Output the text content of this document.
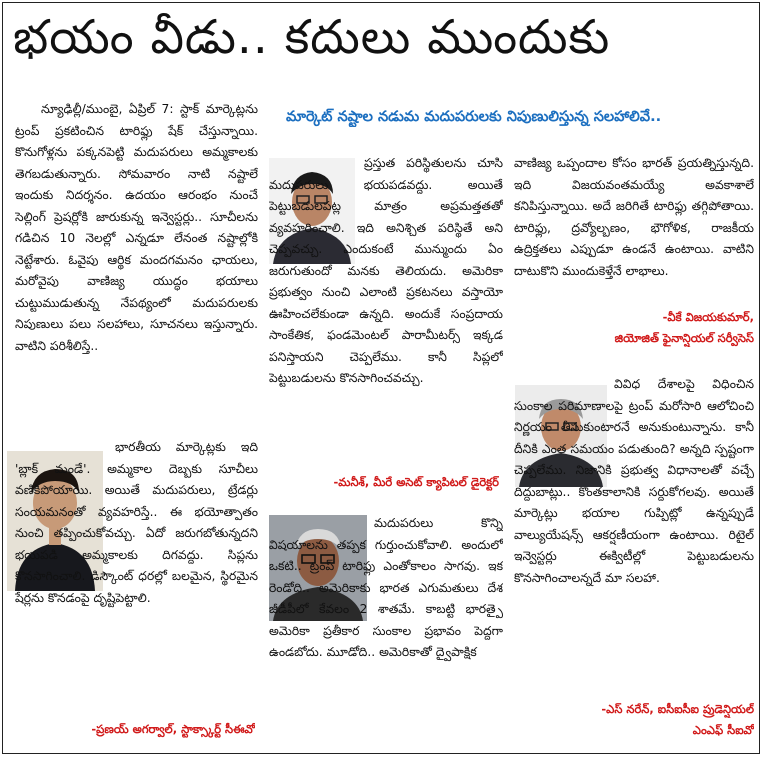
భయం వీడు.. కదులు ముందుకు
మార్కెట్ నష్టాల నడుమ మదుపరులకు నిపుణులిస్తున్న సలహాలివే..

న్యూఢిల్లీ/ముంబై, ఏప్రిల్ 7: స్టాక్ మార్కెట్లను ట్రంప్ ప్రకటించిన టారిఫ్లు షేక్ చేస్తున్నాయి. కొనుగోళ్లను పక్కనపెట్టి మదుపరులు అమ్మకాలకు తెగబడుతున్నారు. సోమవారం నాటి నష్టాలే ఇందుకు నిదర్శనం. ఉదయం ఆరంభం నుంచే సెల్లింగ్ ప్రెషర్లోకి జారుకున్న ఇన్వెస్టర్లు.. సూచీలను గడిచిన 10 నెలల్లో ఎన్నడూ లేనంత నష్టాల్లోకి నెట్టేశారు. ఓవైపు ఆర్థిక మందగమనం ఛాయలు, మరోవైపు వాణిజ్య యుద్ధం భయాలు చుట్టుముడుతున్న నేపథ్యంలో మదుపరులకు నిపుణులు పలు సలహాలు, సూచనలు ఇస్తున్నారు. వాటిని పరిశీలిస్తే..

భారతీయ మార్కెట్లకు ఇది 'బ్లాక్ మండే'. అమ్మకాల దెబ్బకు సూచీలు వణికిపోయాయి. అయితే మదుపరులు, ట్రేడర్లు సంయమనంతో వ్యవహరిస్తే.. ఈ భయోత్పాతం నుంచి తప్పించుకోవచ్చు. ఏదో జరుగబోతున్నదని భయపడి అమ్మకాలకు దిగవద్దు. సిప్లను కొనసాగించాలి. డిస్కౌంట్ ధరల్లో బలమైన, స్థిరమైన షేర్లను కొనడంపై దృష్టిపెట్టాలి.

-ప్రణయ్ అగర్వాల్, స్టాక్స్కార్ట్ సీఈవో

ప్రస్తుత పరిస్థితులను చూసి మదుపరులు భయపడవద్దు. అయితే పెట్టుబడులపట్ల మాత్రం అప్రమత్తతతో వ్యవహరించాలి. ఇది అనిశ్చిత పరిస్థితే అని చెప్పవచ్చు. ఎందుకంటే మున్ముందు ఏం జరుగుతుందో మనకు తెలియదు. అమెరికా ప్రభుత్వం నుంచి ఎలాంటి ప్రకటనలు వస్తాయో ఊహించలేకుండా ఉన్నది. అందుకే సంప్రదాయ సాంకేతిక, ఫండమెంటల్ పారామీటర్స్ ఇక్కడ పనిస్తాయని చెప్పలేము. కానీ సిప్లలో పెట్టుబడులను కొనసాగించవచ్చు.

-మనీశ్, మీరే అసెట్ క్యాపిటల్ డైరెక్టర్

మదుపరులు కొన్ని విషయాలను తప్పక గుర్తుంచుకోవాలి. అందులో ఒకటి.. ట్రంప్ టారిఫ్లు ఎంతోకాలం సాగవు. ఇక రెండోది.. అమెరికాకు భారత ఎగుమతులు దేశ జీడీపీలో కేవలం 2 శాతమే. కాబట్టి భారత్పై అమెరికా ప్రతీకార సుంకాల ప్రభావం పెద్దగా ఉండబోదు. మూడోది.. అమెరికాతో ద్వైపాక్షిక

వాణిజ్య ఒప్పందాల కోసం భారత్ ప్రయత్నిస్తున్నది. ఇది విజయవంతమయ్యే అవకాశాలే కనిపిస్తున్నాయి. అదే జరిగితే టారిఫ్లు తగ్గిపోతాయి. టారిఫ్లు, ద్రవ్యోల్బణం, భౌగోళిక, రాజకీయ ఉద్రిక్తతలు ఎప్పుడూ ఉండనే ఉంటాయి. వాటిని దాటుకొని ముందుకెళ్తేనే లాభాలు.

-వీకే విజయకుమార్,
జియోజిత్ ఫైనాన్షియల్ సర్వీసెస్

వివిధ దేశాలపై విధించిన సుంకాల పరిమాణాలపై ట్రంప్ మరోసారి ఆలోచించి నిర్ణయం తీసుకుంటారనే అనుకుంటున్నాను. కానీ దీనికి ఎంత సమయం పడుతుంది? అన్నది స్పష్టంగా చెప్పలేము. నిజానికి ప్రభుత్వ విధానాలతో వచ్చే దిద్దుబాట్లు.. కొంతకాలానికి సర్దుకోగలవు. అయితే మార్కెట్లు భయాల గుప్పిట్లో ఉన్నప్పుడే వాల్యుయేషన్స్ ఆకర్షణీయంగా ఉంటాయి. రిటైల్ ఇన్వెస్టర్లు ఈక్విటీల్లో పెట్టుబడులను కొనసాగించాలన్నదే మా సలహా.

-ఎస్ నరేన్, ఐసీఐసీఐ ప్రుడెన్షియల్
ఎంఎఫ్ సీఐవో
